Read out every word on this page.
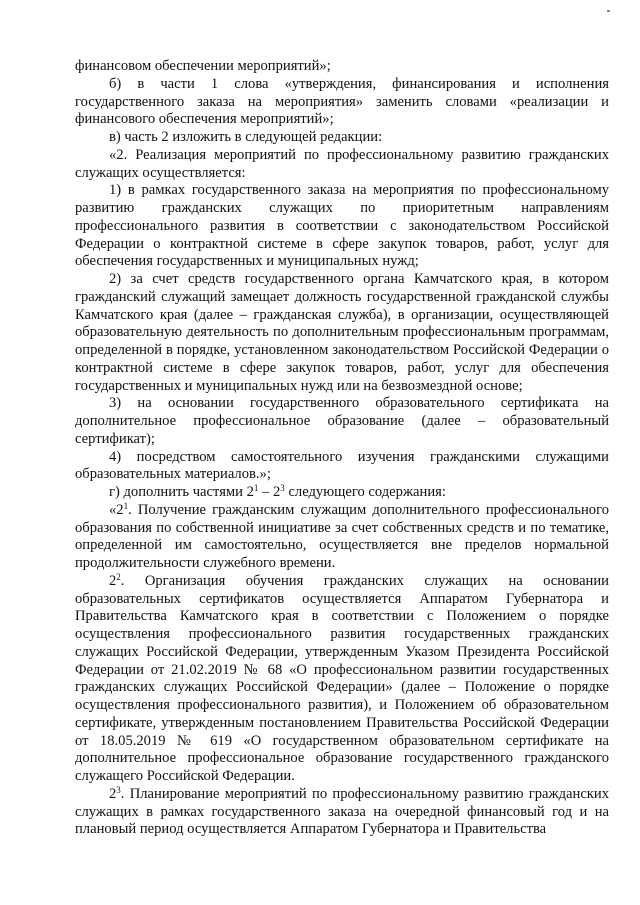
финансовом обеспечении мероприятий»;

б) в части 1 слова «утверждения, финансирования и исполнения государственного заказа на мероприятия» заменить словами «реализации и финансового обеспечения мероприятий»;

в) часть 2 изложить в следующей редакции:

«2. Реализация мероприятий по профессиональному развитию гражданских служащих осуществляется:

1) в рамках государственного заказа на мероприятия по профессиональному развитию гражданских служащих по приоритетным направлениям профессионального развития в соответствии с законодательством Российской Федерации о контрактной системе в сфере закупок товаров, работ, услуг для обеспечения государственных и муниципальных нужд;

2) за счет средств государственного органа Камчатского края, в котором гражданский служащий замещает должность государственной гражданской службы Камчатского края (далее – гражданская служба), в организации, осуществляющей образовательную деятельность по дополнительным профессиональным программам, определенной в порядке, установленном законодательством Российской Федерации о контрактной системе в сфере закупок товаров, работ, услуг для обеспечения государственных и муниципальных нужд или на безвозмездной основе;

3) на основании государственного образовательного сертификата на дополнительное профессиональное образование (далее – образовательный сертификат);

4) посредством самостоятельного изучения гражданскими служащими образовательных материалов.»;

г) дополнить частями $2^1 - 2^3$ следующего содержания:

«$2^1$. Получение гражданским служащим дополнительного профессионального образования по собственной инициативе за счет собственных средств и по тематике, определенной им самостоятельно, осуществляется вне пределов нормальной продолжительности служебного времени.

$2^2$. Организация обучения гражданских служащих на основании образовательных сертификатов осуществляется Аппаратом Губернатора и Правительства Камчатского края в соответствии с Положением о порядке осуществления профессионального развития государственных гражданских служащих Российской Федерации, утвержденным Указом Президента Российской Федерации от 21.02.2019 № 68 «О профессиональном развитии государственных гражданских служащих Российской Федерации» (далее – Положение о порядке осуществления профессионального развития), и Положением об образовательном сертификате, утвержденным постановлением Правительства Российской Федерации от 18.05.2019 № 619 «О государственном образовательном сертификате на дополнительное профессиональное образование государственного гражданского служащего Российской Федерации.

$2^3$. Планирование мероприятий по профессиональному развитию гражданских служащих в рамках государственного заказа на очередной финансовый год и на плановый период осуществляется Аппаратом Губернатора и Правительства
